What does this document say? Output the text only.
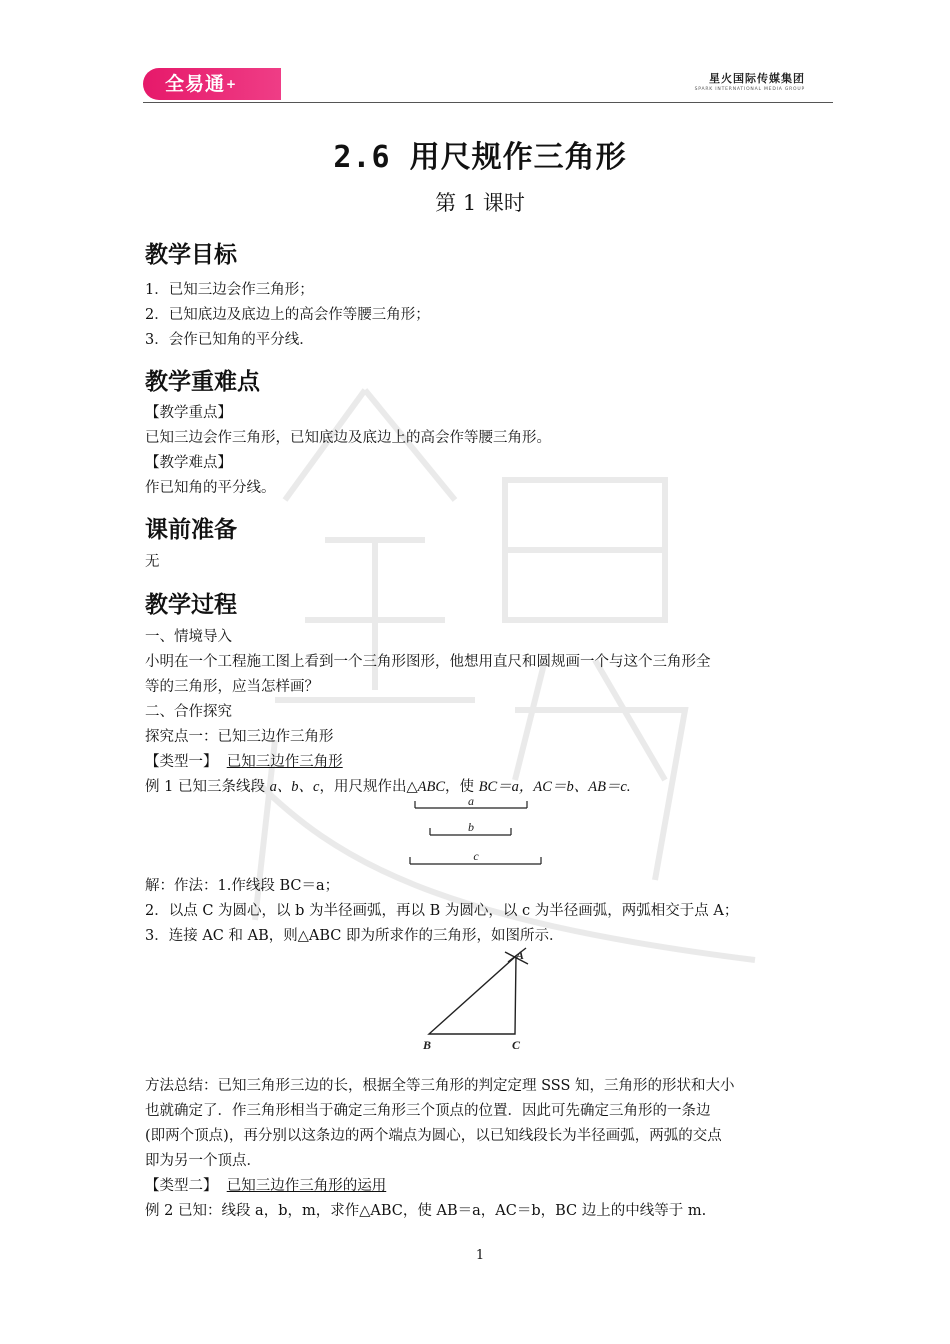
全易通+	星火国际传媒集团
SPARK INTERNATIONAL MEDIA GROUP
2.6 用尺规作三角形
第 1 课时
教学目标
1．已知三边会作三角形；
2．已知底边及底边上的高会作等腰三角形；
3．会作已知角的平分线．
教学重难点
【教学重点】
已知三边会作三角形，已知底边及底边上的高会作等腰三角形。
【教学难点】
作已知角的平分线。
课前准备
无
教学过程
一、情境导入
小明在一个工程施工图上看到一个三角形图形，他想用直尺和圆规画一个与这个三角形全
等的三角形，应当怎样画？
二、合作探究
探究点一：已知三边作三角形
【类型一】 已知三边作三角形
例 1 已知三条线段 a、b、c，用尺规作出△ABC，使 BC＝a，AC＝b、AB＝c.
a
b
c
解：作法：1.作线段 BC＝a；
2．以点 C 为圆心，以 b 为半径画弧，再以 B 为圆心，以 c 为半径画弧，两弧相交于点 A；
3．连接 AC 和 AB，则△ABC 即为所求作的三角形，如图所示．
A
B	C
方法总结：已知三角形三边的长，根据全等三角形的判定定理 SSS 知，三角形的形状和大小
也就确定了．作三角形相当于确定三角形三个顶点的位置．因此可先确定三角形的一条边
(即两个顶点)，再分别以这条边的两个端点为圆心，以已知线段长为半径画弧，两弧的交点
即为另一个顶点．
【类型二】 已知三边作三角形的运用
例 2 已知：线段 a，b，m，求作△ABC，使 AB＝a，AC＝b，BC 边上的中线等于 m.
1
